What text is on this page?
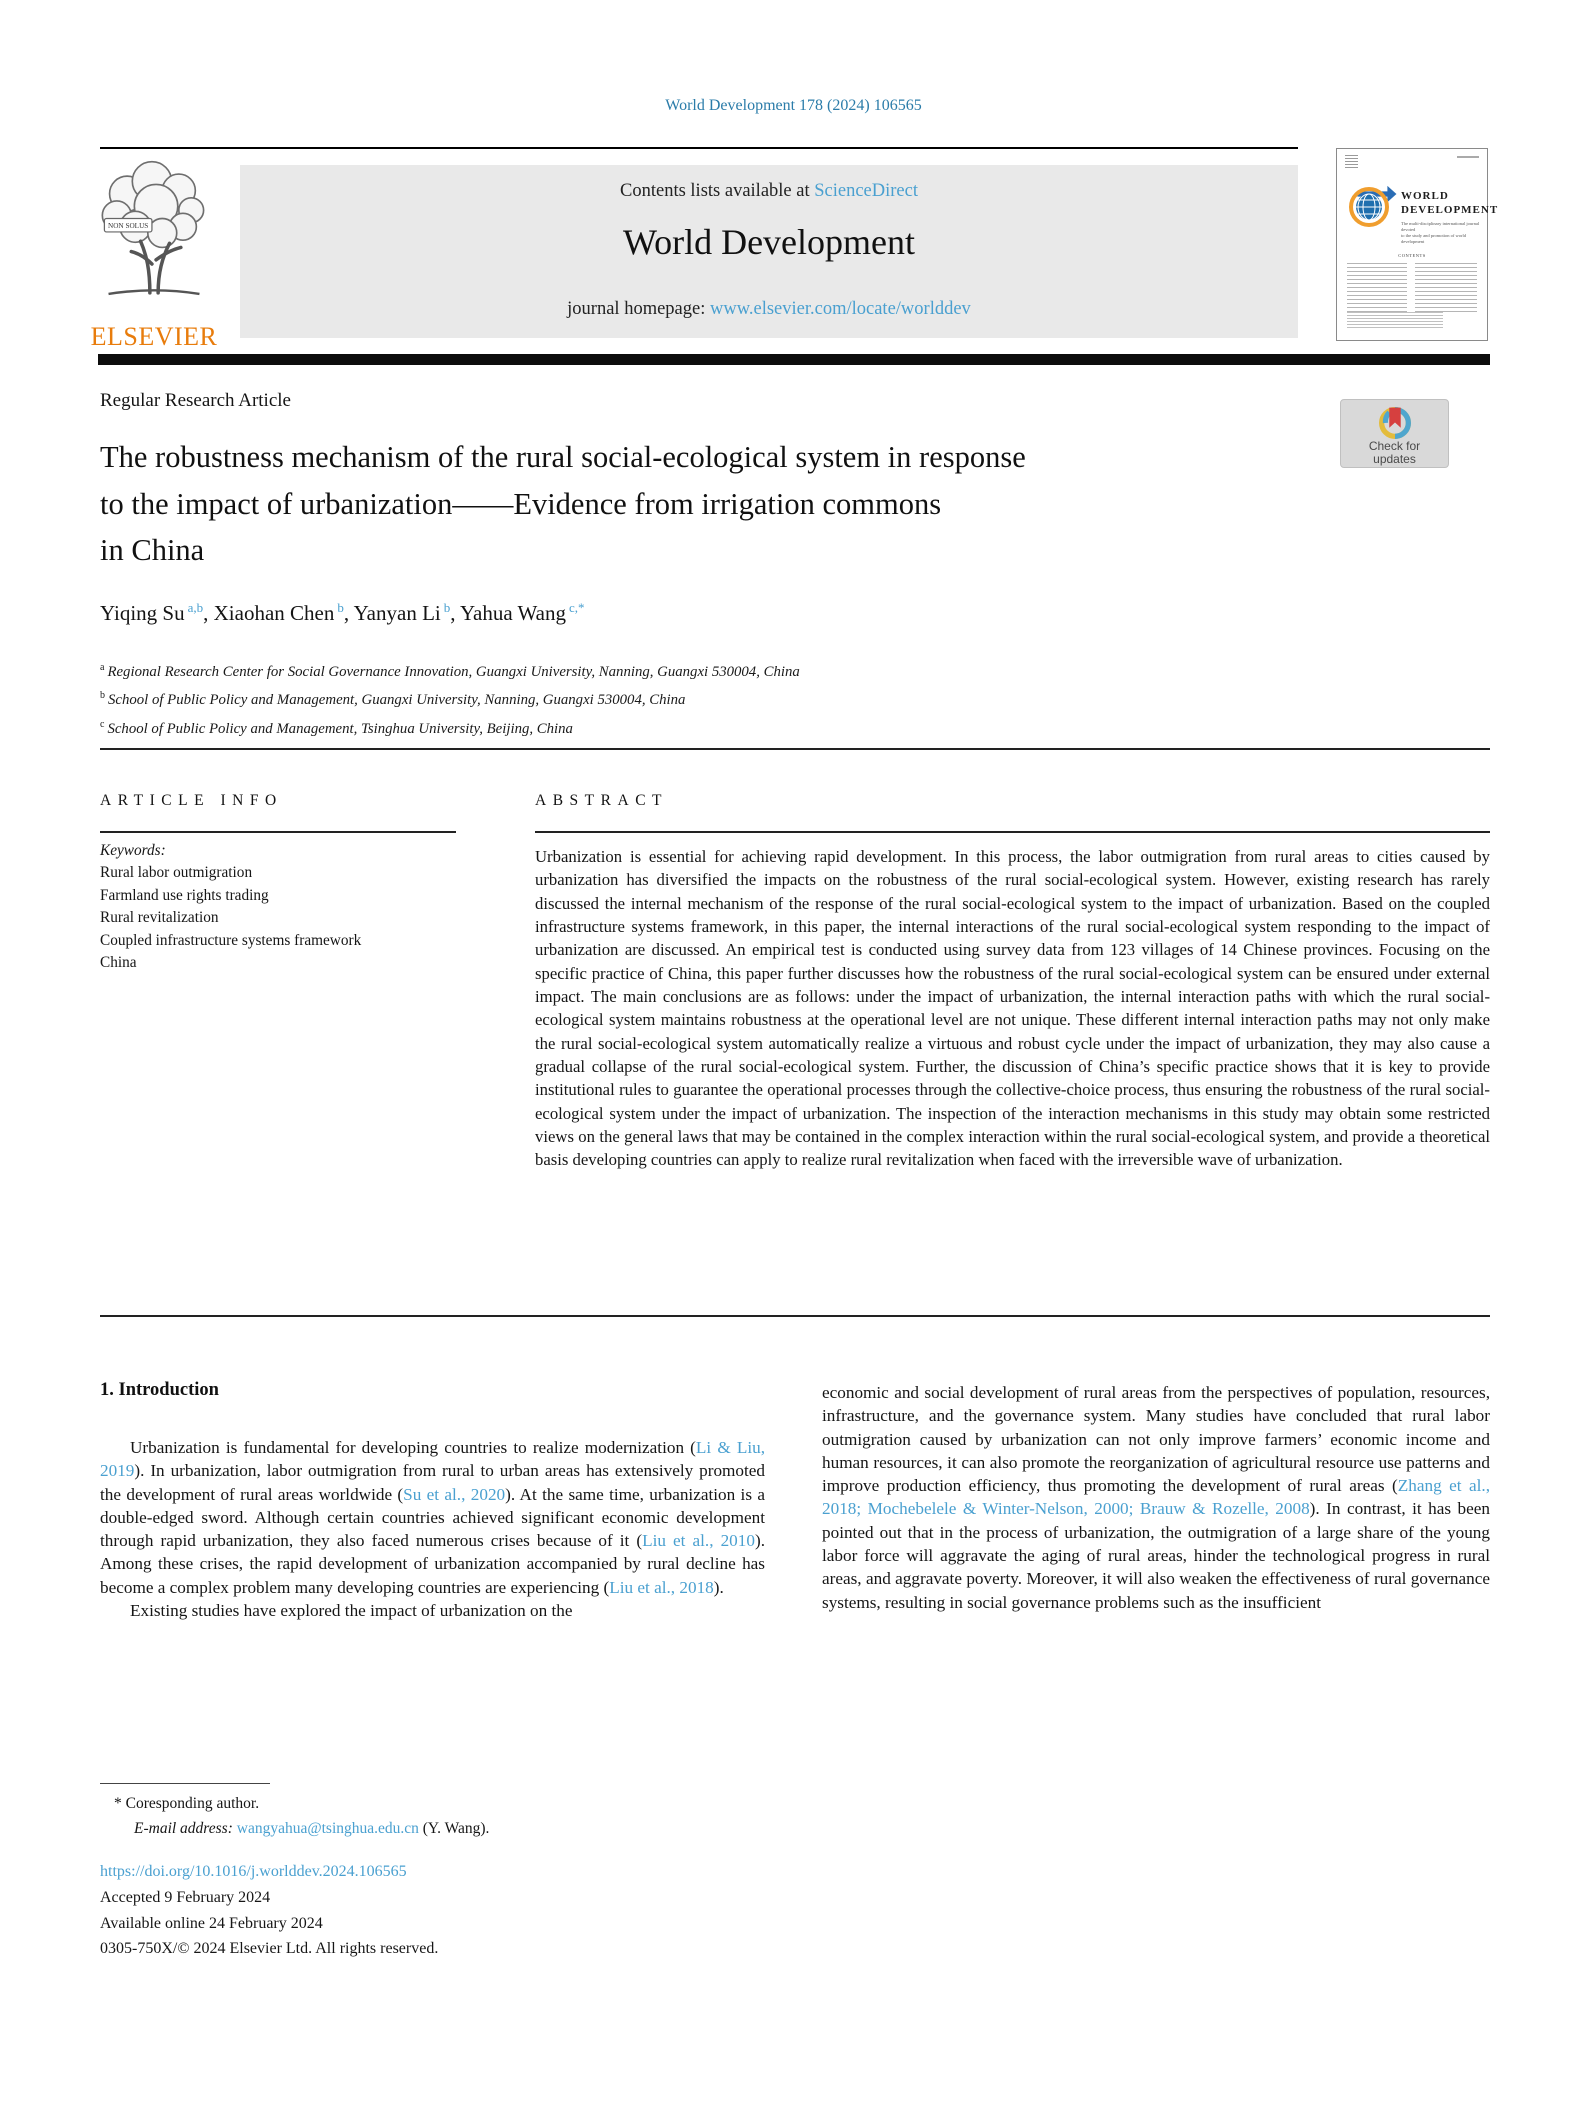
World Development 178 (2024) 106565
NON SOLUS
ELSEVIER
Contents lists available at ScienceDirect
World Development
journal homepage: www.elsevier.com/locate/worlddev
WORLD
DEVELOPMENT
The multi-disciplinary international journal devoted
to the study and promotion of world development
CONTENTS
Regular Research Article
Check for
updates
The robustness mechanism of the rural social-ecological system in response
to the impact of urbanization——Evidence from irrigation commons
in China
Yiqing Su $^{a,b}$, Xiaohan Chen $^b$, Yanyan Li $^b$, Yahua Wang $^{c,*}$
$^a$ Regional Research Center for Social Governance Innovation, Guangxi University, Nanning, Guangxi 530004, China
$^b$ School of Public Policy and Management, Guangxi University, Nanning, Guangxi 530004, China
$^c$ School of Public Policy and Management, Tsinghua University, Beijing, China
ARTICLE INFO	ABSTRACT
Keywords:
Rural labor outmigration
Farmland use rights trading
Rural revitalization
Coupled infrastructure systems framework
China
Urbanization is essential for achieving rapid development. In this process, the labor outmigration from rural areas to cities caused by urbanization has diversified the impacts on the robustness of the rural social-ecological system. However, existing research has rarely discussed the internal mechanism of the response of the rural social-ecological system to the impact of urbanization. Based on the coupled infrastructure systems framework, in this paper, the internal interactions of the rural social-ecological system responding to the impact of urbanization are discussed. An empirical test is conducted using survey data from 123 villages of 14 Chinese provinces. Focusing on the specific practice of China, this paper further discusses how the robustness of the rural social-ecological system can be ensured under external impact. The main conclusions are as follows: under the impact of urbanization, the internal interaction paths with which the rural social-ecological system maintains robustness at the operational level are not unique. These different internal interaction paths may not only make the rural social-ecological system automatically realize a virtuous and robust cycle under the impact of urbanization, they may also cause a gradual collapse of the rural social-ecological system. Further, the discussion of China’s specific practice shows that it is key to provide institutional rules to guarantee the operational processes through the collective-choice process, thus ensuring the robustness of the rural social-ecological system under the impact of urbanization. The inspection of the interaction mechanisms in this study may obtain some restricted views on the general laws that may be contained in the complex interaction within the rural social-ecological system, and provide a theoretical basis developing countries can apply to realize rural revitalization when faced with the irreversible wave of urbanization.
1. Introduction

Urbanization is fundamental for developing countries to realize modernization (Li & Liu, 2019). In urbanization, labor outmigration from rural to urban areas has extensively promoted the development of rural areas worldwide (Su et al., 2020). At the same time, urbanization is a double-edged sword. Although certain countries achieved significant economic development through rapid urbanization, they also faced numerous crises because of it (Liu et al., 2010). Among these crises, the rapid development of urbanization accompanied by rural decline has become a complex problem many developing countries are experiencing (Liu et al., 2018).

Existing studies have explored the impact of urbanization on the

economic and social development of rural areas from the perspectives of population, resources, infrastructure, and the governance system. Many studies have concluded that rural labor outmigration caused by urbanization can not only improve farmers’ economic income and human resources, it can also promote the reorganization of agricultural resource use patterns and improve production efficiency, thus promoting the development of rural areas (Zhang et al., 2018; Mochebelele & Winter-Nelson, 2000; Brauw & Rozelle, 2008). In contrast, it has been pointed out that in the process of urbanization, the outmigration of a large share of the young labor force will aggravate the aging of rural areas, hinder the technological progress in rural areas, and aggravate poverty. Moreover, it will also weaken the effectiveness of rural governance systems, resulting in social governance problems such as the insufficient

* Coresponding author.
E-mail address: wangyahua@tsinghua.edu.cn (Y. Wang).
https://doi.org/10.1016/j.worlddev.2024.106565
Accepted 9 February 2024
Available online 24 February 2024
0305-750X/© 2024 Elsevier Ltd. All rights reserved.
